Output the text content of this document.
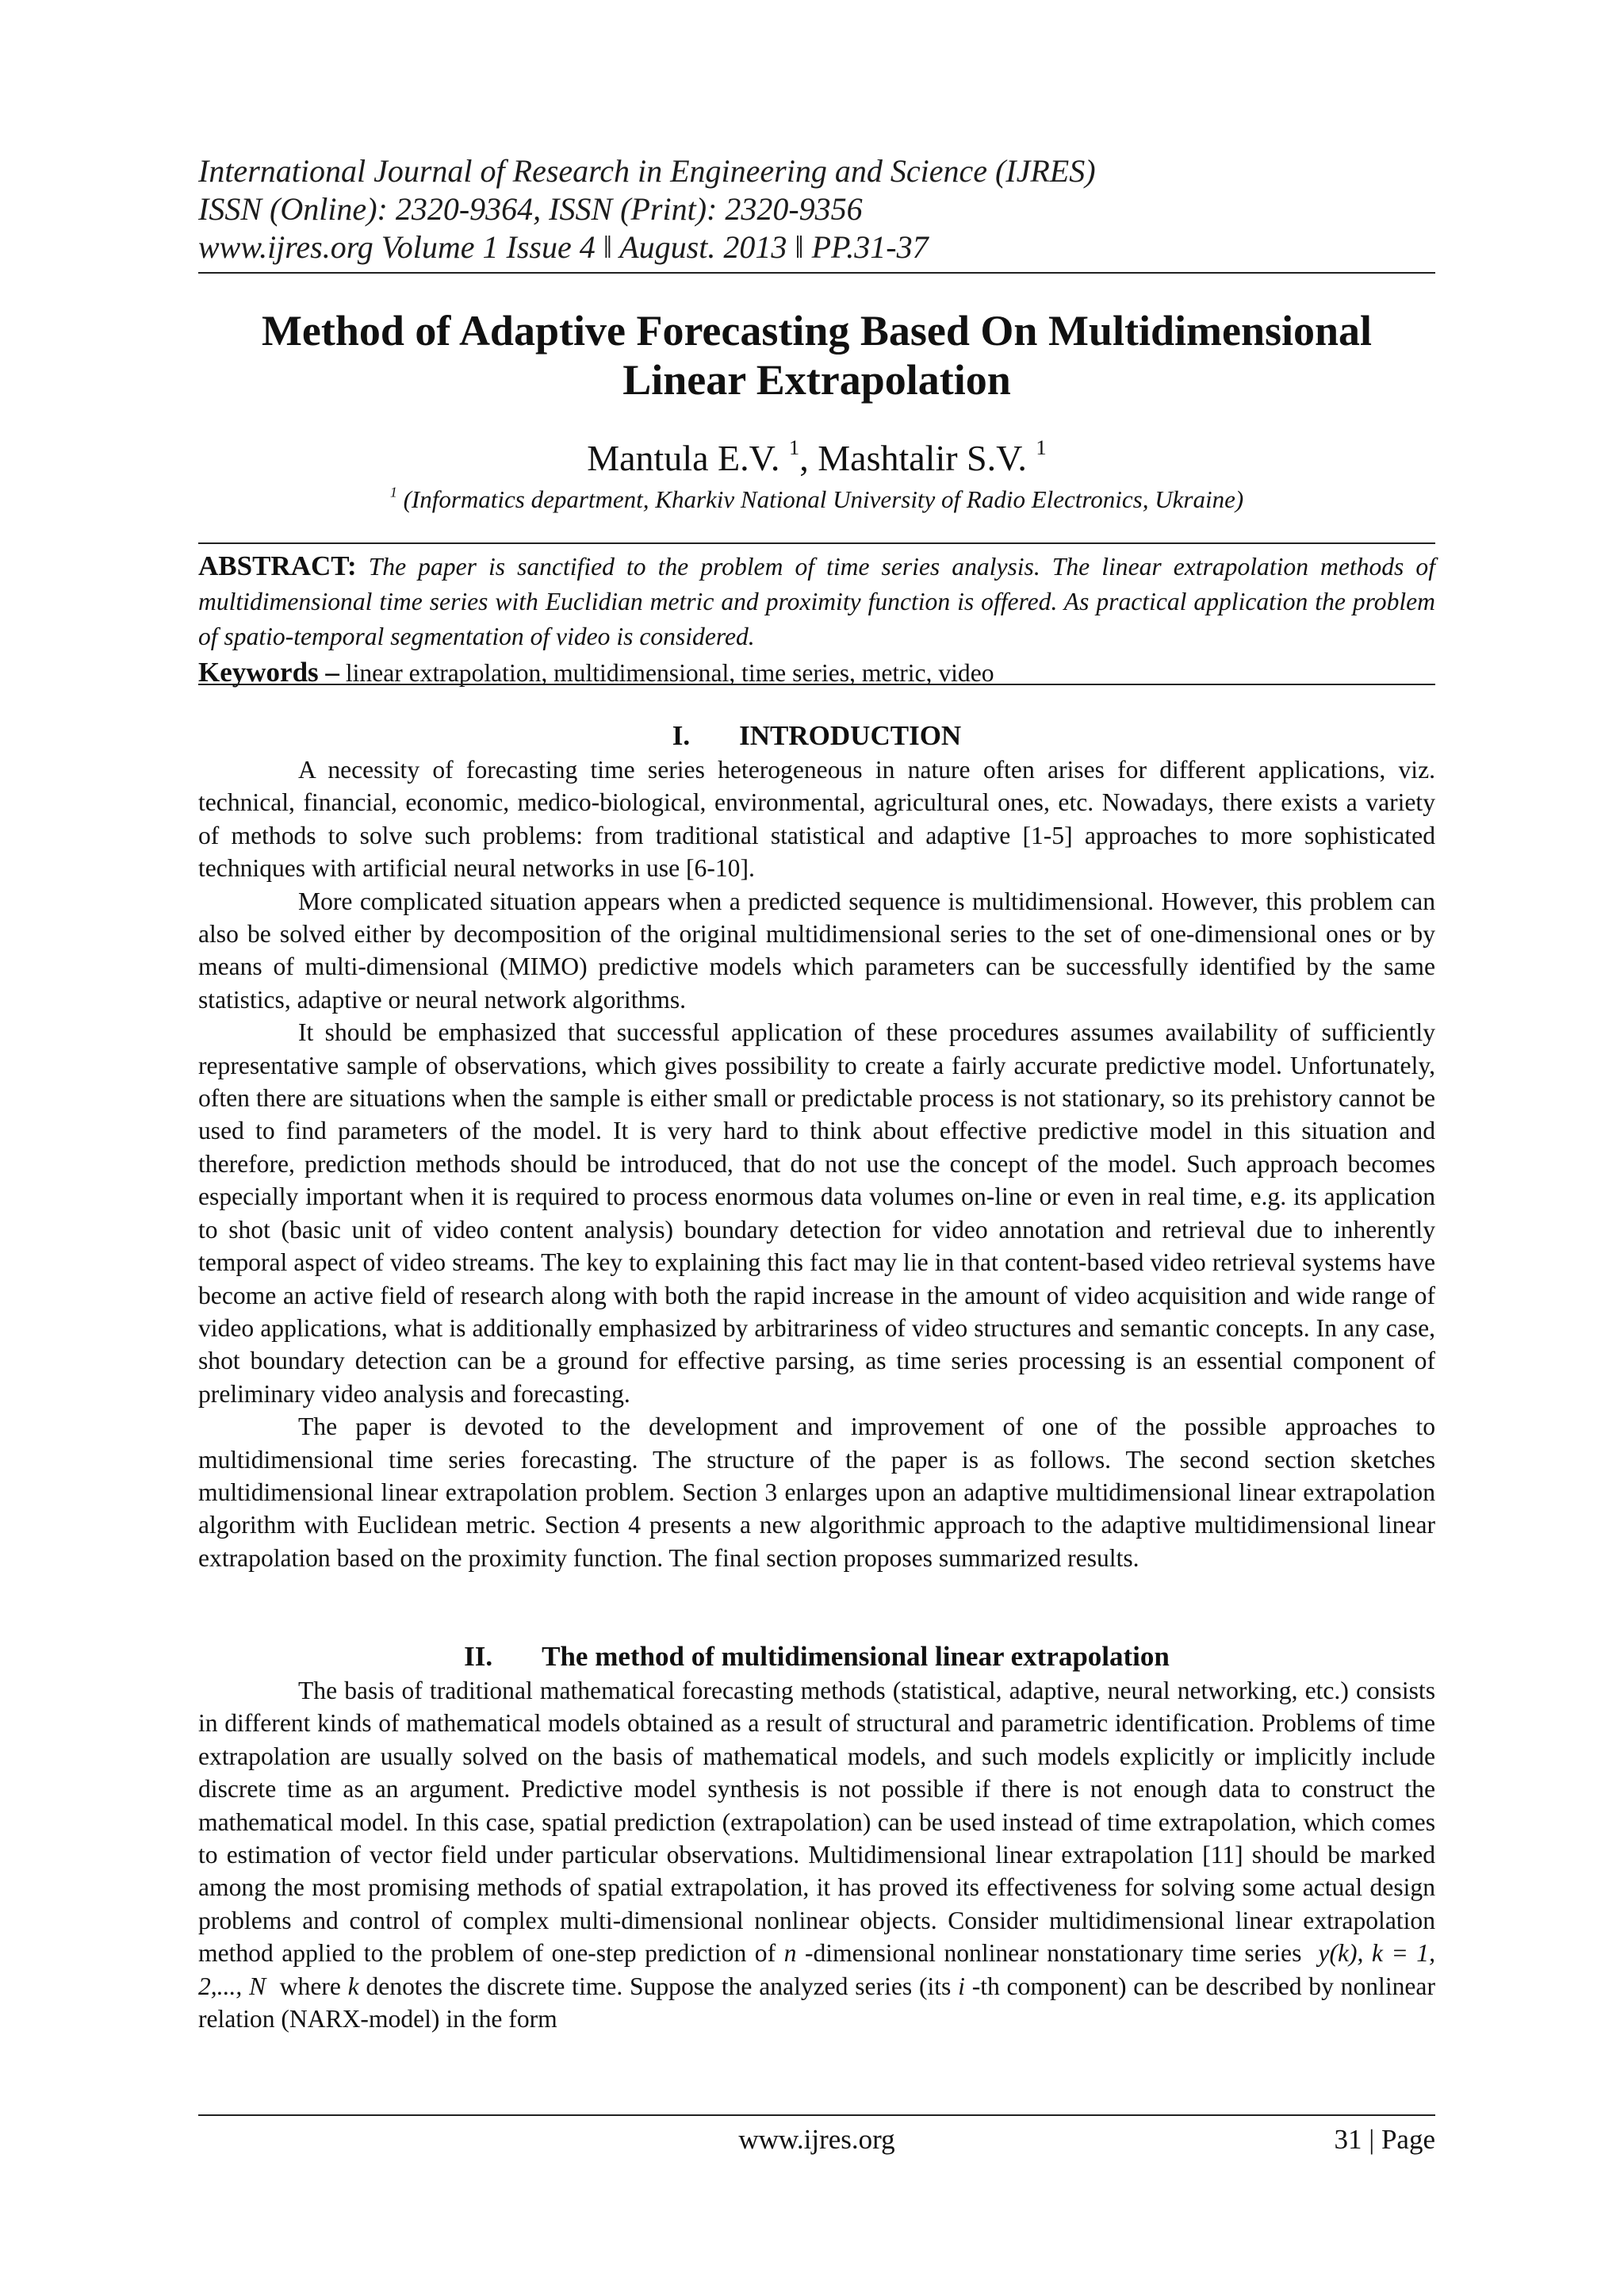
International Journal of Research in Engineering and Science (IJRES)
ISSN (Online): 2320-9364, ISSN (Print): 2320-9356
www.ijres.org Volume 1 Issue 4 ǁ August. 2013 ǁ PP.31-37
Method of Adaptive Forecasting Based On Multidimensional
Linear Extrapolation
Mantula E.V. $^1$, Mashtalir S.V. $^1$
$^1$ (Informatics department, Kharkiv National University of Radio Electronics, Ukraine)
ABSTRACT: The paper is sanctified to the problem of time series analysis. The linear extrapolation methods of multidimensional time series with Euclidian metric and proximity function is offered. As practical application the problem of spatio-temporal segmentation of video is considered.
Keywords – linear extrapolation, multidimensional, time series, metric, video
I. INTRODUCTION

A necessity of forecasting time series heterogeneous in nature often arises for different applications, viz. technical, financial, economic, medico-biological, environmental, agricultural ones, etc. Nowadays, there exists a variety of methods to solve such problems: from traditional statistical and adaptive [1-5] approaches to more sophisticated techniques with artificial neural networks in use [6-10].

More complicated situation appears when a predicted sequence is multidimensional. However, this problem can also be solved either by decomposition of the original multidimensional series to the set of one-dimensional ones or by means of multi-dimensional (MIMO) predictive models which parameters can be successfully identified by the same statistics, adaptive or neural network algorithms.

It should be emphasized that successful application of these procedures assumes availability of sufficiently representative sample of observations, which gives possibility to create a fairly accurate predictive model. Unfortunately, often there are situations when the sample is either small or predictable process is not stationary, so its prehistory cannot be used to find parameters of the model. It is very hard to think about effective predictive model in this situation and therefore, prediction methods should be introduced, that do not use the concept of the model. Such approach becomes especially important when it is required to process enormous data volumes on-line or even in real time, e.g. its application to shot (basic unit of video content analysis) boundary detection for video annotation and retrieval due to inherently temporal aspect of video streams. The key to explaining this fact may lie in that content-based video retrieval systems have become an active field of research along with both the rapid increase in the amount of video acquisition and wide range of video applications, what is additionally emphasized by arbitrariness of video structures and semantic concepts. In any case, shot boundary detection can be a ground for effective parsing, as time series processing is an essential component of preliminary video analysis and forecasting.

The paper is devoted to the development and improvement of one of the possible approaches to multidimensional time series forecasting. The structure of the paper is as follows. The second section sketches multidimensional linear extrapolation problem. Section 3 enlarges upon an adaptive multidimensional linear extrapolation algorithm with Euclidean metric. Section 4 presents a new algorithmic approach to the adaptive multidimensional linear extrapolation based on the proximity function. The final section proposes summarized results.

II. The method of multidimensional linear extrapolation

The basis of traditional mathematical forecasting methods (statistical, adaptive, neural networking, etc.) consists in different kinds of mathematical models obtained as a result of structural and parametric identification. Problems of time extrapolation are usually solved on the basis of mathematical models, and such models explicitly or implicitly include discrete time as an argument. Predictive model synthesis is not possible if there is not enough data to construct the mathematical model. In this case, spatial prediction (extrapolation) can be used instead of time extrapolation, which comes to estimation of vector field under particular observations. Multidimensional linear extrapolation [11] should be marked among the most promising methods of spatial extrapolation, it has proved its effectiveness for solving some actual design problems and control of complex multi-dimensional nonlinear objects. Consider multidimensional linear extrapolation method applied to the problem of one-step prediction of n -dimensional nonlinear nonstationary time series y(k), k = 1, 2,..., N where k denotes the discrete time. Suppose the analyzed series (its i -th component) can be described by nonlinear relation (NARX-model) in the form

www.ijres.org	31 | Page
